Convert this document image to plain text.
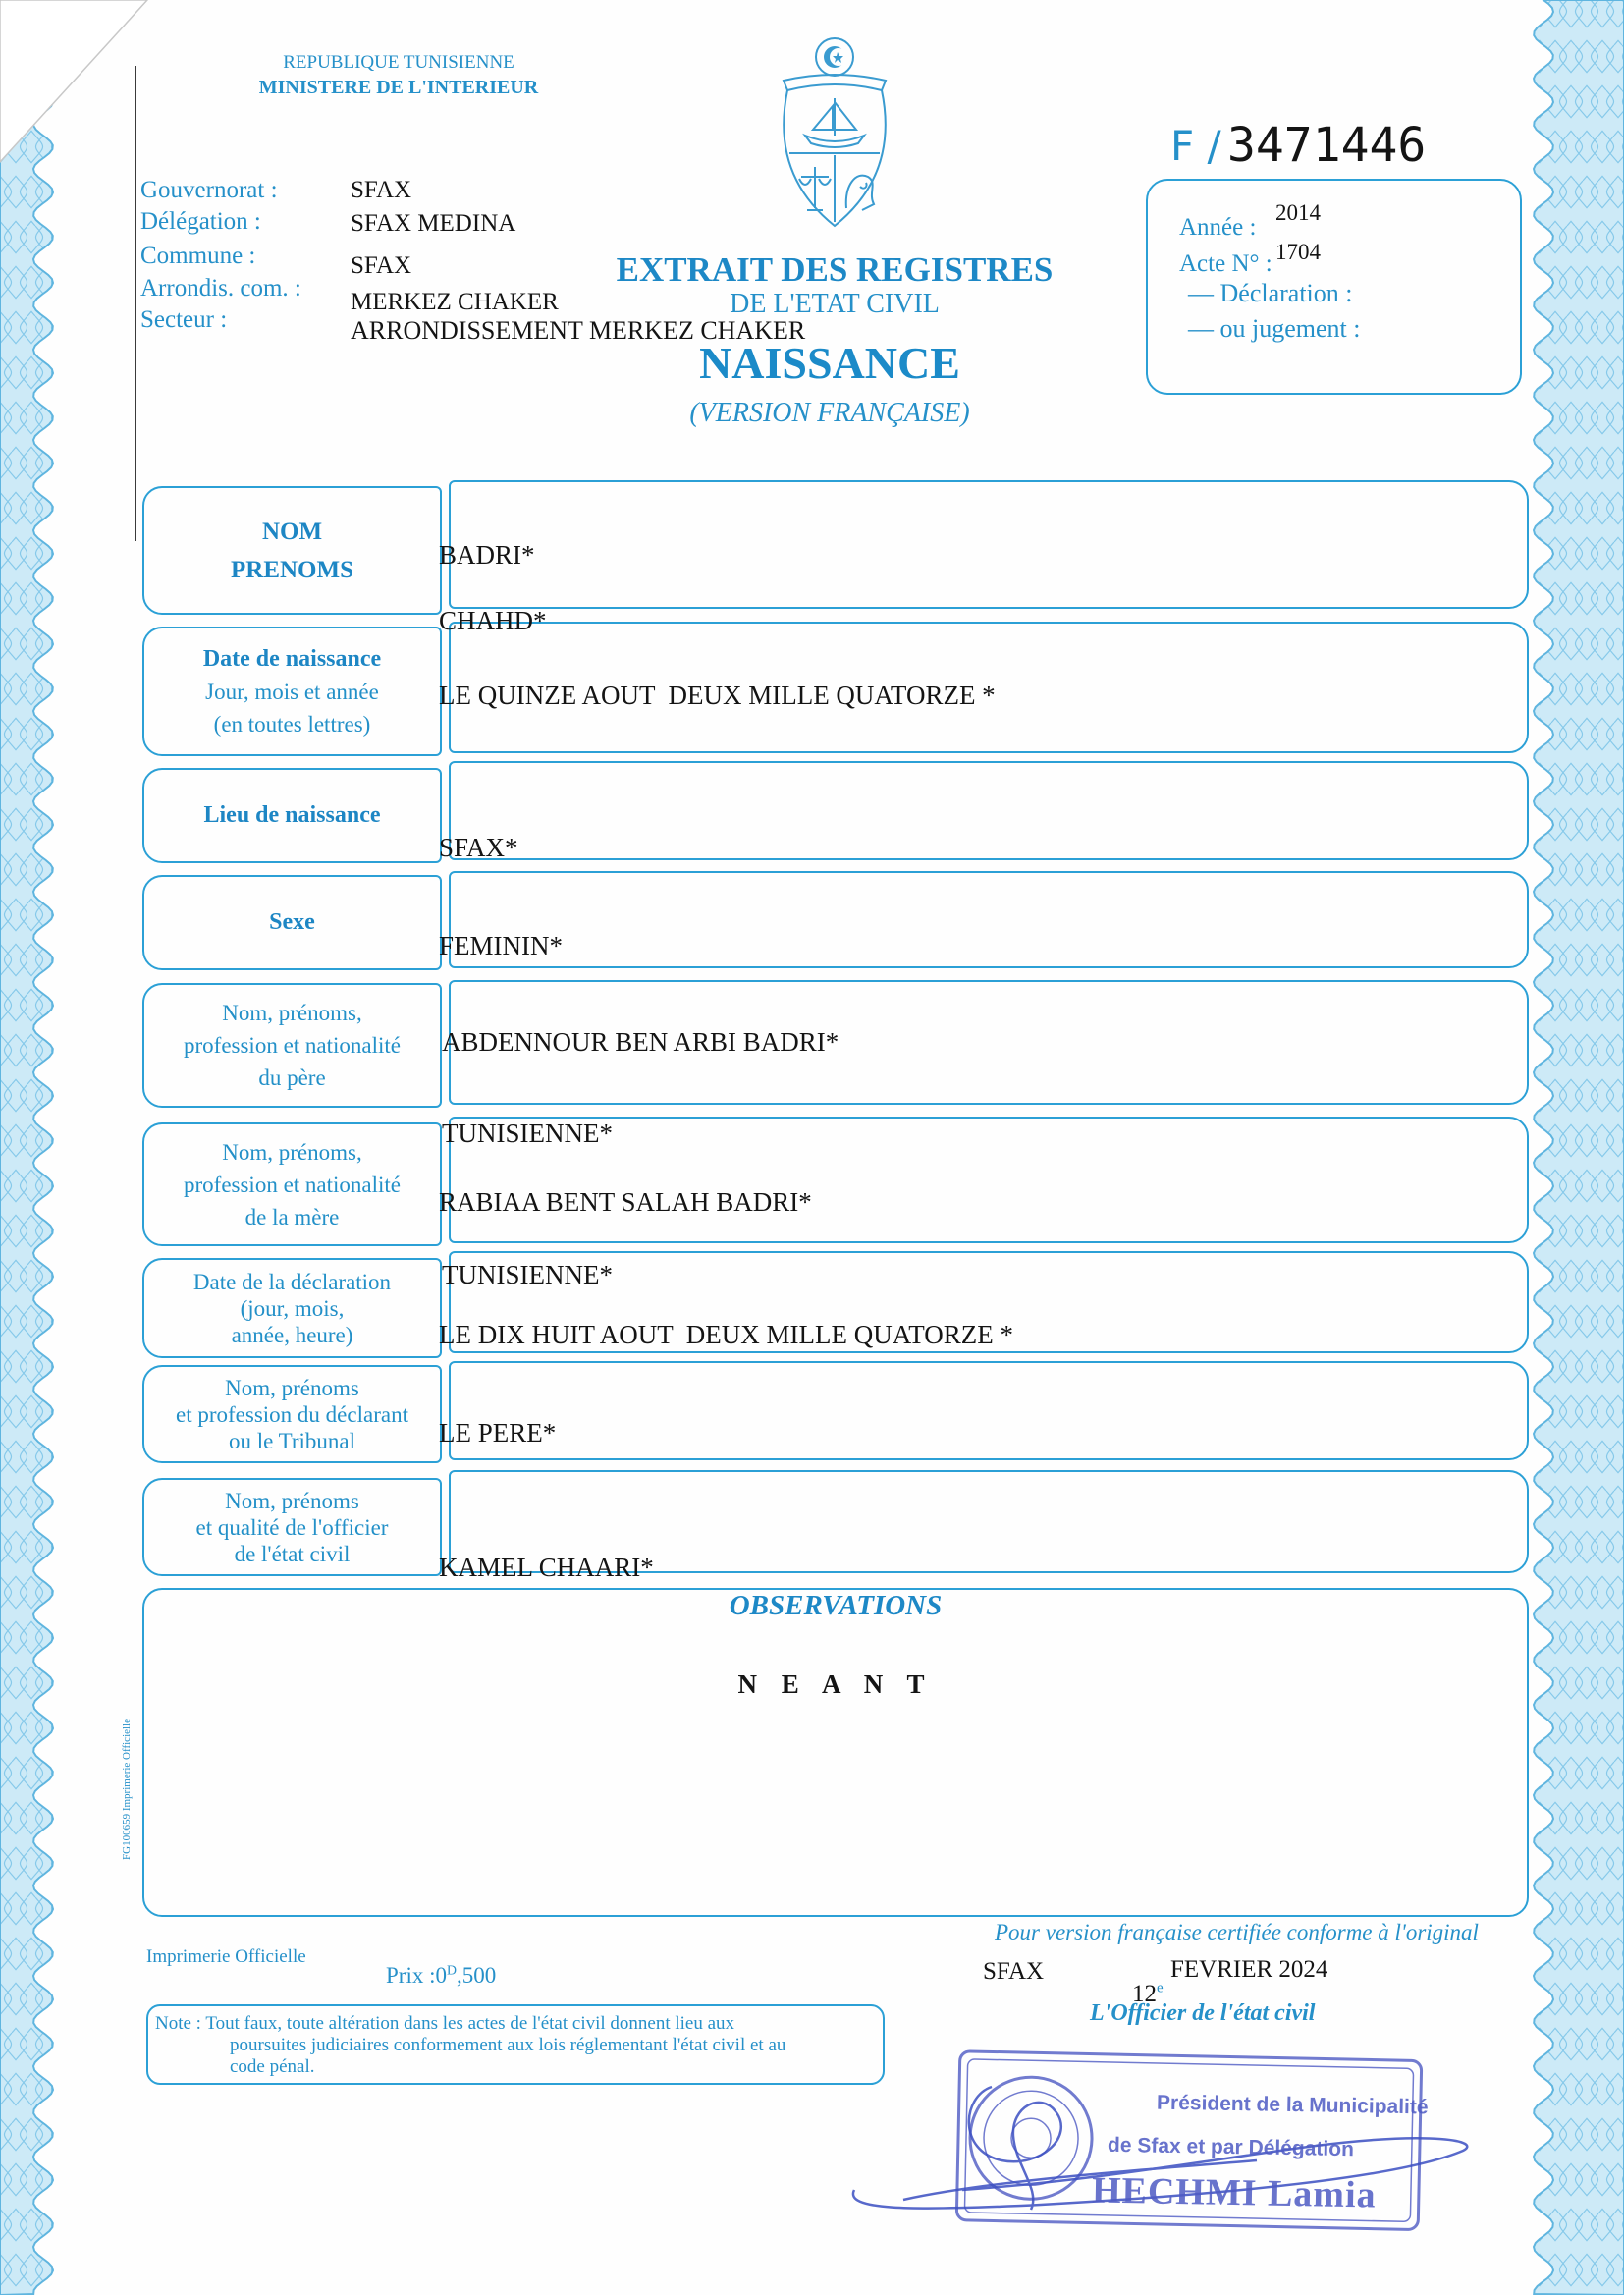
REPUBLIQUE TUNISIENNE
MINISTERE DE L'INTERIEUR
F / 3471446
Année :
2014
Acte N° : 1704
— Déclaration :
— ou jugement :
Gouvernorat :
Délégation :
Commune :
Arrondis. com. :
Secteur :
SFAX
SFAX MEDINA
SFAX
MERKEZ CHAKER
ARRONDISSEMENT MERKEZ CHAKER
EXTRAIT DES REGISTRES
DE L'ETAT CIVIL
NAISSANCE
(VERSION FRANÇAISE)
NOM
PRENOMS
Date de naissance
Jour, mois et année
(en toutes lettres)
Lieu de naissance
Sexe
Nom, prénoms,
profession et nationalité
du père
Nom, prénoms,
profession et nationalité
de la mère
Date de la déclaration
(jour, mois,
année, heure)
Nom, prénoms
et profession du déclarant
ou le Tribunal
Nom, prénoms
et qualité de l'officier
de l'état civil
BADRI*
CHAHD*
LE QUINZE AOUT  DEUX MILLE QUATORZE *
SFAX*
FEMININ*
ABDENNOUR BEN ARBI BADRI*
TUNISIENNE*
RABIAA BENT SALAH BADRI*
TUNISIENNE*
LE DIX HUIT AOUT  DEUX MILLE QUATORZE *
LE PERE*
KAMEL CHAARI*
OBSERVATIONS
N E A N T
FG100659 Imprimerie Officielle
Imprimerie Officielle

Prix $:0^D,500$

Note : Tout faux, toute altération dans les actes de l'état civil donnent lieu aux
poursuites judiciaires conformement aux lois réglementant l'état civil et au
code pénal.
Pour version française certifiée conforme à l'original
SFAX

12e

FEVRIER 2024
L'Officier de l'état civil
Président de la Municipalité
de Sfax et par Délégation
HECHMI Lamia
